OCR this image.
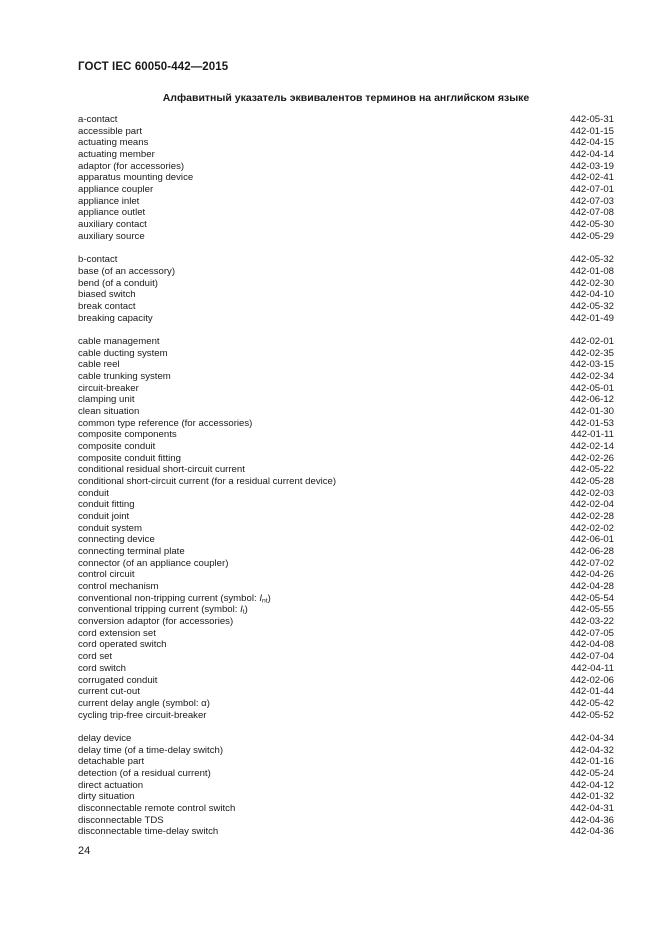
ГОСТ IEC 60050-442—2015
Алфавитный указатель эквивалентов терминов на английском языке
a-contact	442-05-31
accessible part	442-01-15
actuating means	442-04-15
actuating member	442-04-14
adaptor (for accessories)	442-03-19
apparatus mounting device	442-02-41
appliance coupler	442-07-01
appliance inlet	442-07-03
appliance outlet	442-07-08
auxiliary contact	442-05-30
auxiliary source	442-05-29
b-contact	442-05-32
base (of an accessory)	442-01-08
bend (of a conduit)	442-02-30
biased switch	442-04-10
break contact	442-05-32
breaking capacity	442-01-49
cable management	442-02-01
cable ducting system	442-02-35
cable reel	442-03-15
cable trunking system	442-02-34
circuit-breaker	442-05-01
clamping unit	442-06-12
clean situation	442-01-30
common type reference (for accessories)	442-01-53
composite components	442-01-11
composite conduit	442-02-14
composite conduit fitting	442-02-26
conditional residual short-circuit current	442-05-22
conditional short-circuit current (for a residual current device)	442-05-28
conduit	442-02-03
conduit fitting	442-02-04
conduit joint	442-02-28
conduit system	442-02-02
connecting device	442-06-01
connecting terminal plate	442-06-28
connector (of an appliance coupler)	442-07-02
control circuit	442-04-26
control mechanism	442-04-28
conventional non-tripping current (symbol: $I_{nt}$)	442-05-54
conventional tripping current (symbol: $I_t$)	442-05-55
conversion adaptor (for accessories)	442-03-22
cord extension set	442-07-05
cord operated switch	442-04-08
cord set	442-07-04
cord switch	442-04-11
corrugated conduit	442-02-06
current cut-out	442-01-44
current delay angle (symbol: α)	442-05-42
cycling trip-free circuit-breaker	442-05-52
delay device	442-04-34
delay time (of a time-delay switch)	442-04-32
detachable part	442-01-16
detection (of a residual current)	442-05-24
direct actuation	442-04-12
dirty situation	442-01-32
disconnectable remote control switch	442-04-31
disconnectable TDS	442-04-36
disconnectable time-delay switch	442-04-36
24
